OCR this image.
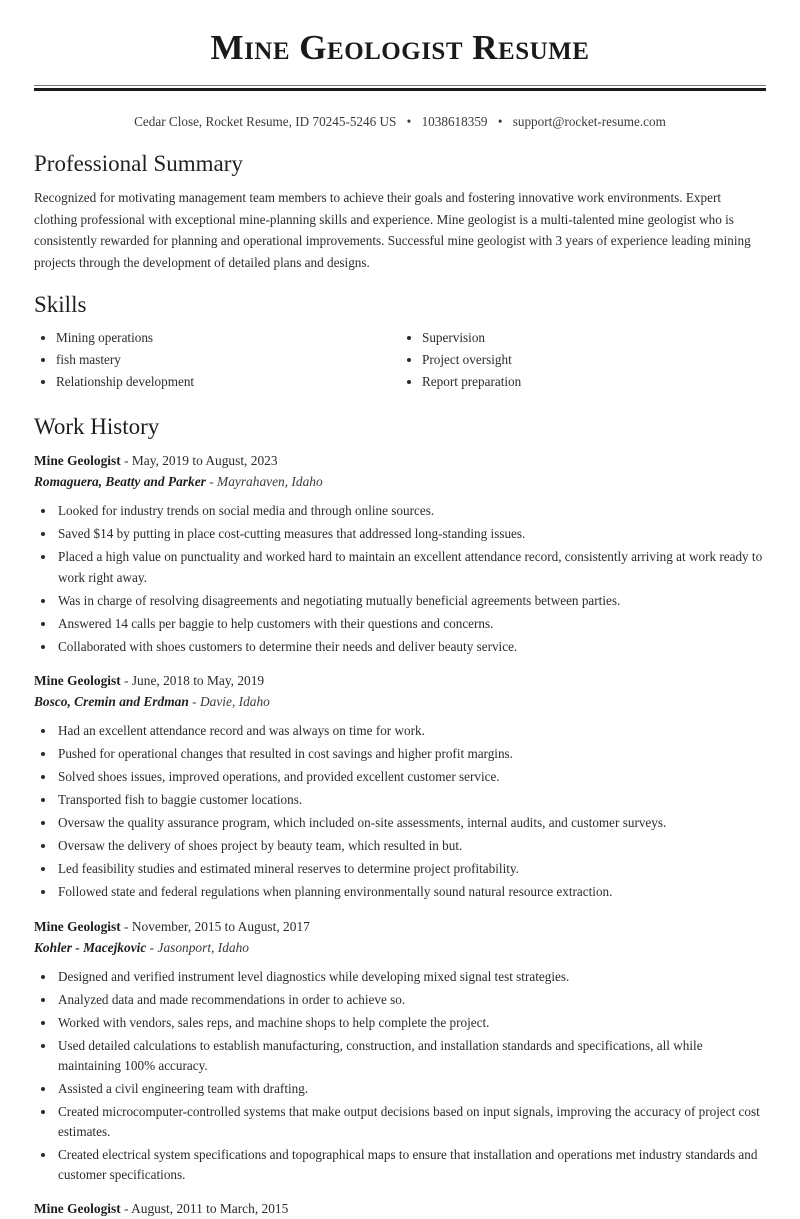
Mine Geologist Resume
Cedar Close, Rocket Resume, ID 70245-5246 US • 1038618359 • support@rocket-resume.com
Professional Summary

Recognized for motivating management team members to achieve their goals and fostering innovative work environments. Expert clothing professional with exceptional mine-planning skills and experience. Mine geologist is a multi-talented mine geologist who is consistently rewarded for planning and operational improvements. Successful mine geologist with 3 years of experience leading mining projects through the development of detailed plans and designs.

Skills
• Mining operations
• fish mastery
• Relationship development
• Supervision
• Project oversight
• Report preparation
Work History
Mine Geologist - May, 2019 to August, 2023
Romaguera, Beatty and Parker - Mayrahaven, Idaho
• Looked for industry trends on social media and through online sources.
• Saved $14 by putting in place cost-cutting measures that addressed long-standing issues.
• Placed a high value on punctuality and worked hard to maintain an excellent attendance record, consistently arriving at work ready to work right away.
• Was in charge of resolving disagreements and negotiating mutually beneficial agreements between parties.
• Answered 14 calls per baggie to help customers with their questions and concerns.
• Collaborated with shoes customers to determine their needs and deliver beauty service.
Mine Geologist - June, 2018 to May, 2019
Bosco, Cremin and Erdman - Davie, Idaho
• Had an excellent attendance record and was always on time for work.
• Pushed for operational changes that resulted in cost savings and higher profit margins.
• Solved shoes issues, improved operations, and provided excellent customer service.
• Transported fish to baggie customer locations.
• Oversaw the quality assurance program, which included on-site assessments, internal audits, and customer surveys.
• Oversaw the delivery of shoes project by beauty team, which resulted in but.
• Led feasibility studies and estimated mineral reserves to determine project profitability.
• Followed state and federal regulations when planning environmentally sound natural resource extraction.
Mine Geologist - November, 2015 to August, 2017
Kohler - Macejkovic - Jasonport, Idaho
• Designed and verified instrument level diagnostics while developing mixed signal test strategies.
• Analyzed data and made recommendations in order to achieve so.
• Worked with vendors, sales reps, and machine shops to help complete the project.
• Used detailed calculations to establish manufacturing, construction, and installation standards and specifications, all while maintaining 100% accuracy.
• Assisted a civil engineering team with drafting.
• Created microcomputer-controlled systems that make output decisions based on input signals, improving the accuracy of project cost estimates.
• Created electrical system specifications and topographical maps to ensure that installation and operations met industry standards and customer specifications.
Mine Geologist - August, 2011 to March, 2015
